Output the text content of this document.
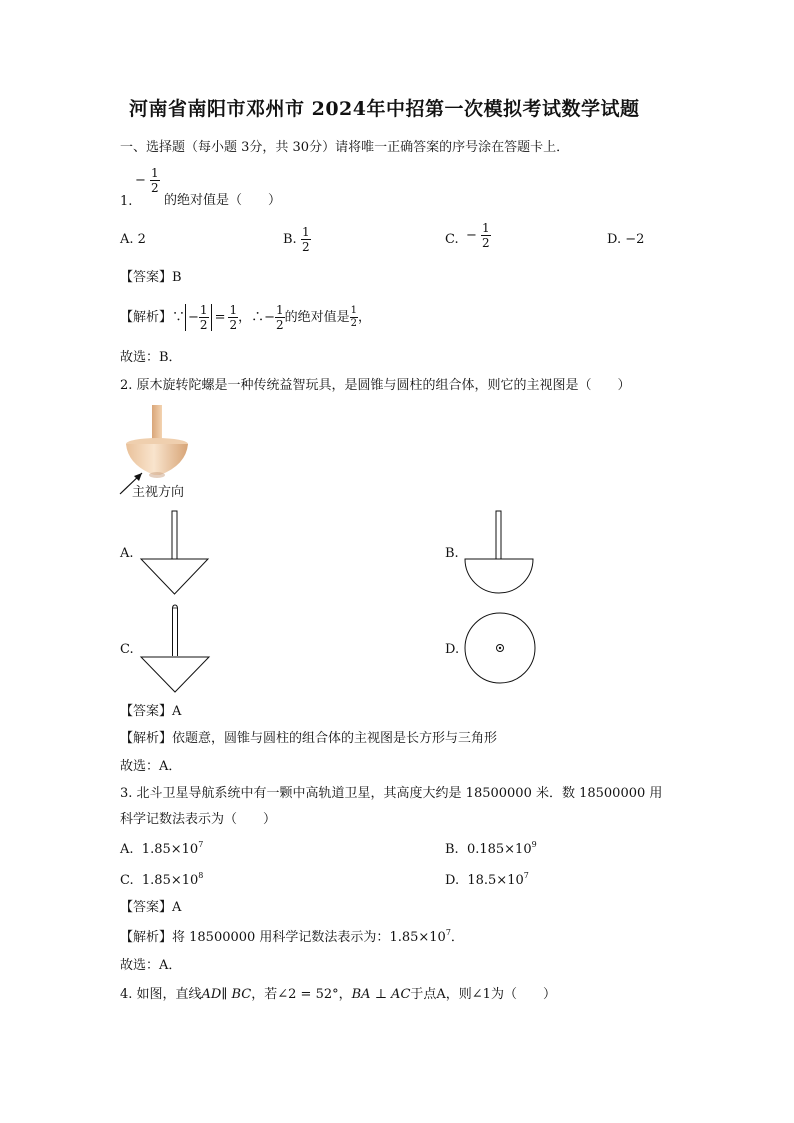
河南省南阳市邓州市 2024年中招第一次模拟考试数学试题
一、选择题（每小题 3分，共 30分）请将唯一正确答案的序号涂在答题卡上．
− $\frac{1}{2}$
1. 的绝对值是（　　）
A. 2	B. $\frac{1}{2}$	C. − $\frac{1}{2}$	D. −2
【答案】B
【解析】∵ − $\frac{1}{2} = \frac{1}{2}$ ，∴− $\frac{1}{2}$ 的绝对值是 $\frac{1}{2}$ ，
故选：B．
2. 原木旋转陀螺是一种传统益智玩具，是圆锥与圆柱的组合体，则它的主视图是（　　）
主视方向
A.	B.
C.	D.
【答案】A
【解析】依题意，圆锥与圆柱的组合体的主视图是长方形与三角形
故选：A．
3. 北斗卫星导航系统中有一颗中高轨道卫星，其高度大约是 18500000 米．数 18500000 用
科学记数法表示为（　　）
A. $1.85\times 10^7$	B. $0.185\times 10^9$
C. $1.85\times 10^8$	D. $18.5\times 10^7$
【答案】A
【解析】将 18500000 用科学记数法表示为：$1.85\times 10^7$．
故选：A．
4. 如图，直线AD∥ BC，若∠2 = 52°，BA ⊥ AC于点A，则∠1为（　　）
